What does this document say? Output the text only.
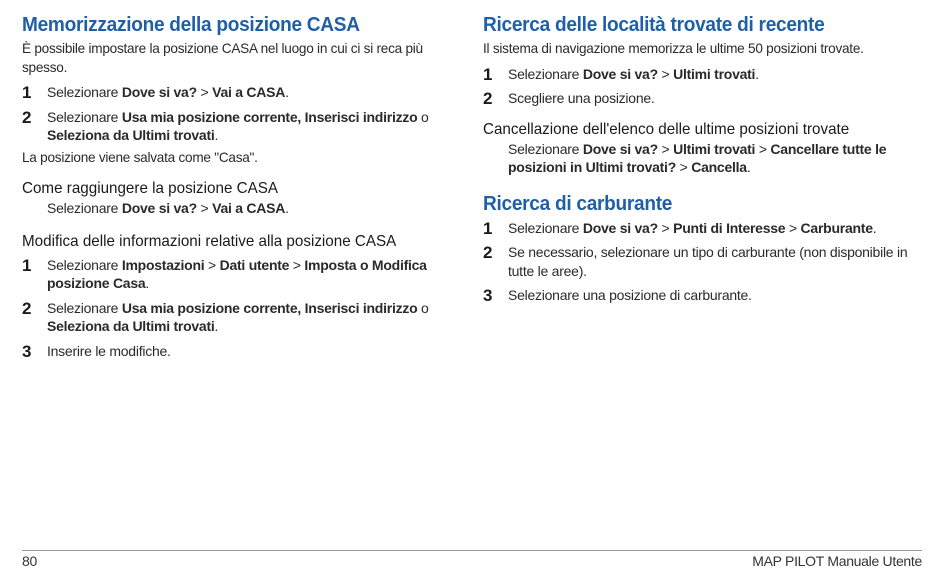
Memorizzazione della posizione CASA

È possibile impostare la posizione CASA nel luogo in cui ci si reca più spesso.

1 Selezionare Dove si va? > Vai a CASA.
2 Selezionare Usa mia posizione corrente, Inserisci indirizzo o Seleziona da Ultimi trovati.

La posizione viene salvata come "Casa".

Come raggiungere la posizione CASA
Selezionare Dove si va? > Vai a CASA.
Modifica delle informazioni relative alla posizione CASA
1 Selezionare Impostazioni > Dati utente > Imposta o Modifica posizione Casa.
2 Selezionare Usa mia posizione corrente, Inserisci indirizzo o Seleziona da Ultimi trovati.
3 Inserire le modifiche.
Ricerca delle località trovate di recente

Il sistema di navigazione memorizza le ultime 50 posizioni trovate.

1 Selezionare Dove si va? > Ultimi trovati.
2 Scegliere una posizione.
Cancellazione dell'elenco delle ultime posizioni trovate
Selezionare Dove si va? > Ultimi trovati > Cancellare tutte le posizioni in Ultimi trovati? > Cancella.
Ricerca di carburante
1 Selezionare Dove si va? > Punti di Interesse > Carburante.
2 Se necessario, selezionare un tipo di carburante (non disponibile in tutte le aree).
3 Selezionare una posizione di carburante.
80	MAP PILOT Manuale Utente
